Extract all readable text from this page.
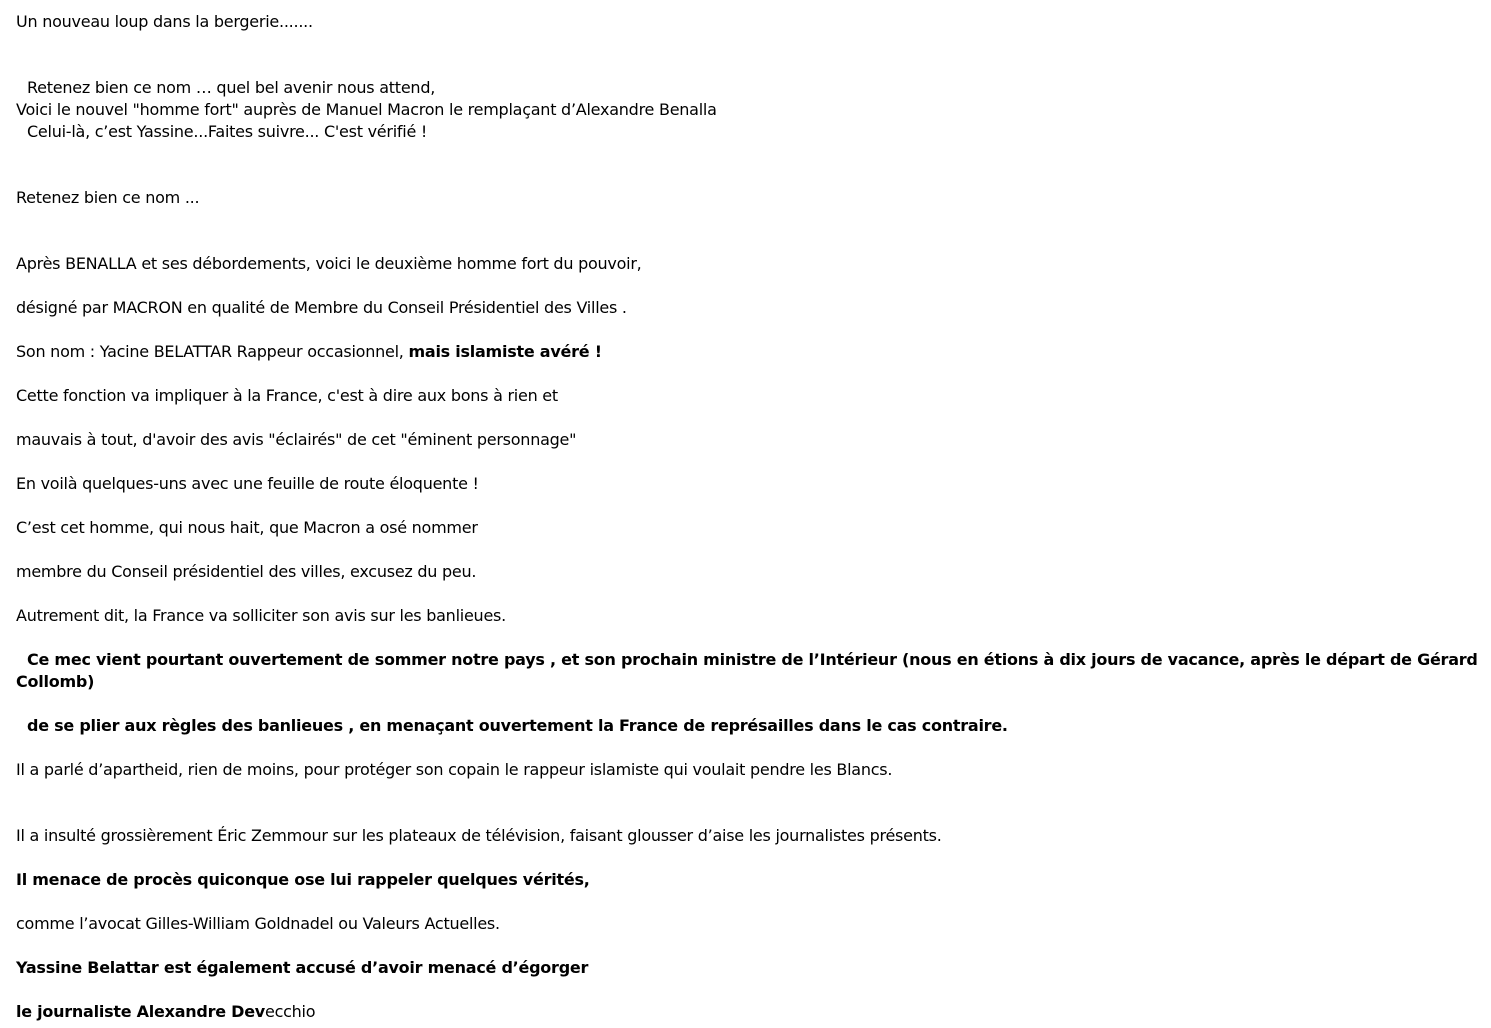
Un nouveau loup dans la bergerie.......
Retenez bien ce nom … quel bel avenir nous attend,
Voici le nouvel "homme fort" auprès de Manuel Macron le remplaçant d’Alexandre Benalla
Celui-là, c’est Yassine...Faites suivre... C'est vérifié !
Retenez bien ce nom ...
Après BENALLA et ses débordements, voici le deuxième homme fort du pouvoir,
désigné par MACRON en qualité de Membre du Conseil Présidentiel des Villes .
Son nom : Yacine BELATTAR Rappeur occasionnel, mais islamiste avéré !
Cette fonction va impliquer à la France, c'est à dire aux bons à rien et
mauvais à tout, d'avoir des avis "éclairés" de cet "éminent personnage"
En voilà quelques-uns avec une feuille de route éloquente !
C’est cet homme, qui nous hait, que Macron a osé nommer
membre du Conseil présidentiel des villes, excusez du peu.
Autrement dit, la France va solliciter son avis sur les banlieues.
Ce mec vient pourtant ouvertement de sommer notre pays , et son prochain ministre de l’Intérieur (nous en étions à dix jours de vacance, après le départ de Gérard
Collomb)
de se plier aux règles des banlieues , en menaçant ouvertement la France de représailles dans le cas contraire.
Il a parlé d’apartheid, rien de moins, pour protéger son copain le rappeur islamiste qui voulait pendre les Blancs.
Il a insulté grossièrement Éric Zemmour sur les plateaux de télévision, faisant glousser d’aise les journalistes présents.
Il menace de procès quiconque ose lui rappeler quelques vérités,
comme l’avocat Gilles-William Goldnadel ou Valeurs Actuelles.
Yassine Belattar est également accusé d’avoir menacé d’égorger
le journaliste Alexandre Devecchio
